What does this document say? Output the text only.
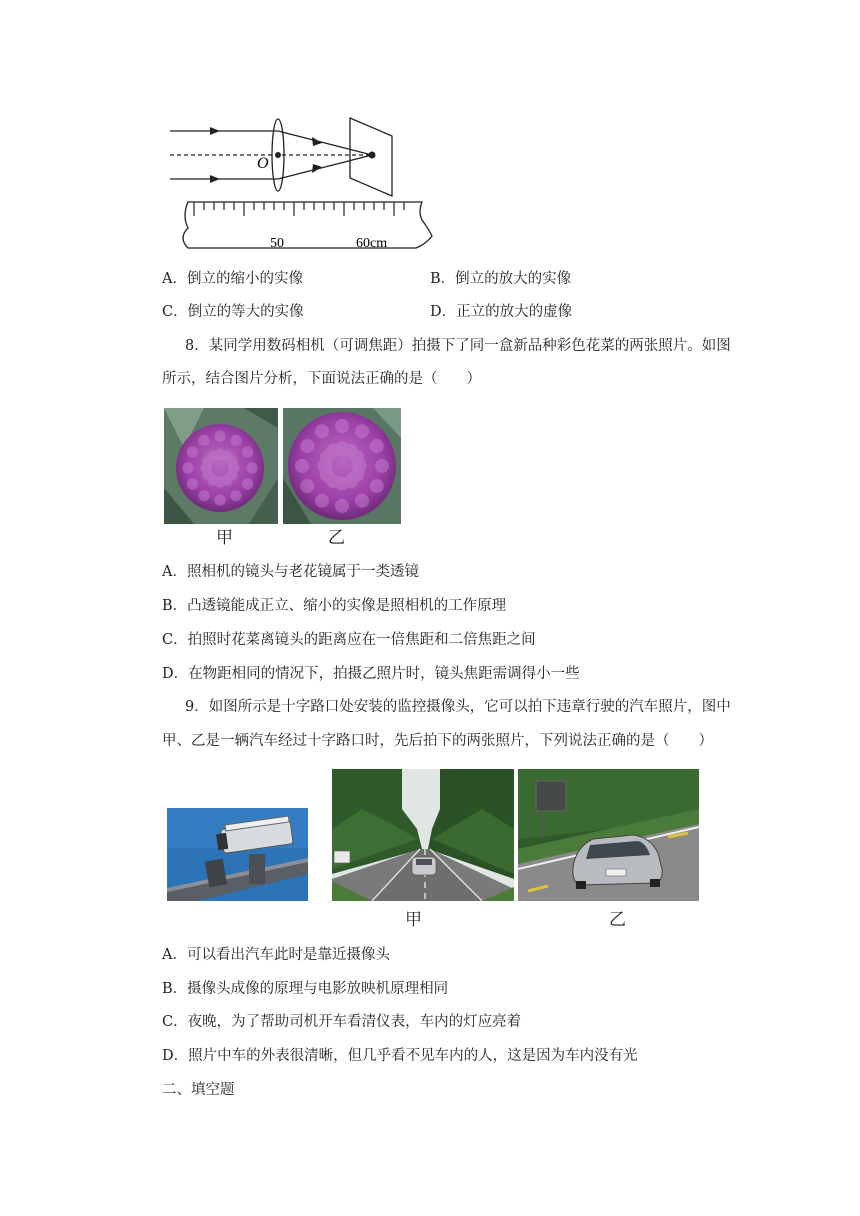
O
50	60cm
A．倒立的缩小的实像	B．倒立的放大的实像
C．倒立的等大的实像	D．正立的放大的虚像
8．某同学用数码相机（可调焦距）拍摄下了同一盒新品种彩色花菜的两张照片。如图
所示，结合图片分析，下面说法正确的是（　　）
甲	乙
A．照相机的镜头与老花镜属于一类透镜
B．凸透镜能成正立、缩小的实像是照相机的工作原理
C．拍照时花菜离镜头的距离应在一倍焦距和二倍焦距之间
D．在物距相同的情况下，拍摄乙照片时，镜头焦距需调得小一些
9．如图所示是十字路口处安装的监控摄像头，它可以拍下违章行驶的汽车照片，图中
甲、乙是一辆汽车经过十字路口时，先后拍下的两张照片，下列说法正确的是（　　）
甲	乙
A．可以看出汽车此时是靠近摄像头
B．摄像头成像的原理与电影放映机原理相同
C．夜晚，为了帮助司机开车看清仪表，车内的灯应亮着
D．照片中车的外表很清晰，但几乎看不见车内的人，这是因为车内没有光
二、填空题
